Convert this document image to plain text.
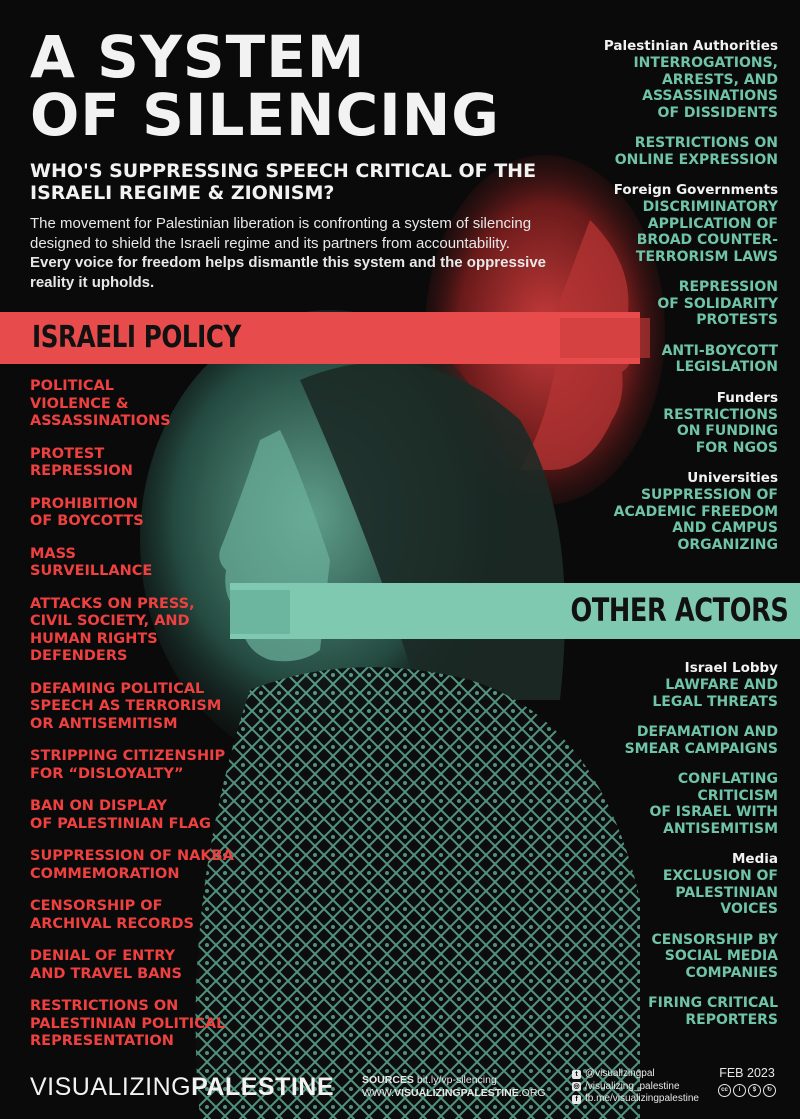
A SYSTEM
OF SILENCING

WHO'S SUPPRESSING SPEECH CRITICAL OF THE ISRAELI REGIME & ZIONISM?

The movement for Palestinian liberation is confronting a system of silencing designed to shield the Israeli regime and its partners from accountability. Every voice for freedom helps dismantle this system and the oppressive reality it upholds.

ISRAELI POLICY
OTHER ACTORS
POLITICAL
VIOLENCE &
ASSASSINATIONS
PROTEST
REPRESSION
PROHIBITION
OF BOYCOTTS
MASS
SURVEILLANCE
ATTACKS ON PRESS,
CIVIL SOCIETY, AND
HUMAN RIGHTS
DEFENDERS
DEFAMING POLITICAL
SPEECH AS TERRORISM
OR ANTISEMITISM
STRIPPING CITIZENSHIP
FOR “DISLOYALTY”
BAN ON DISPLAY
OF PALESTINIAN FLAG
SUPPRESSION OF NAKBA
COMMEMORATION
CENSORSHIP OF
ARCHIVAL RECORDS
DENIAL OF ENTRY
AND TRAVEL BANS
RESTRICTIONS ON
PALESTINIAN POLITICAL
REPRESENTATION
Palestinian Authorities
INTERROGATIONS,
ARRESTS, AND
ASSASSINATIONS
OF DISSIDENTS
RESTRICTIONS ON
ONLINE EXPRESSION
Foreign Governments
DISCRIMINATORY
APPLICATION OF
BROAD COUNTER-
TERRORISM LAWS
REPRESSION
OF SOLIDARITY
PROTESTS
ANTI-BOYCOTT
LEGISLATION
Funders
RESTRICTIONS
ON FUNDING
FOR NGOS
Universities
SUPPRESSION OF
ACADEMIC FREEDOM
AND CAMPUS
ORGANIZING
Israel Lobby
LAWFARE AND
LEGAL THREATS
DEFAMATION AND
SMEAR CAMPAIGNS
CONFLATING
CRITICISM
OF ISRAEL WITH
ANTISEMITISM
Media
EXCLUSION OF
PALESTINIAN
VOICES
CENSORSHIP BY
SOCIAL MEDIA
COMPANIES
FIRING CRITICAL
REPORTERS
VISUALIZINGPALESTINE	SOURCES bit.ly/vp-silencing
WWW.VISUALIZINGPALESTINE.ORG
t @visualizingpal
◎ /visualizing_palestine
f fb.me/visualizingpalestine
FEB 2023
cc	i	$	↻
